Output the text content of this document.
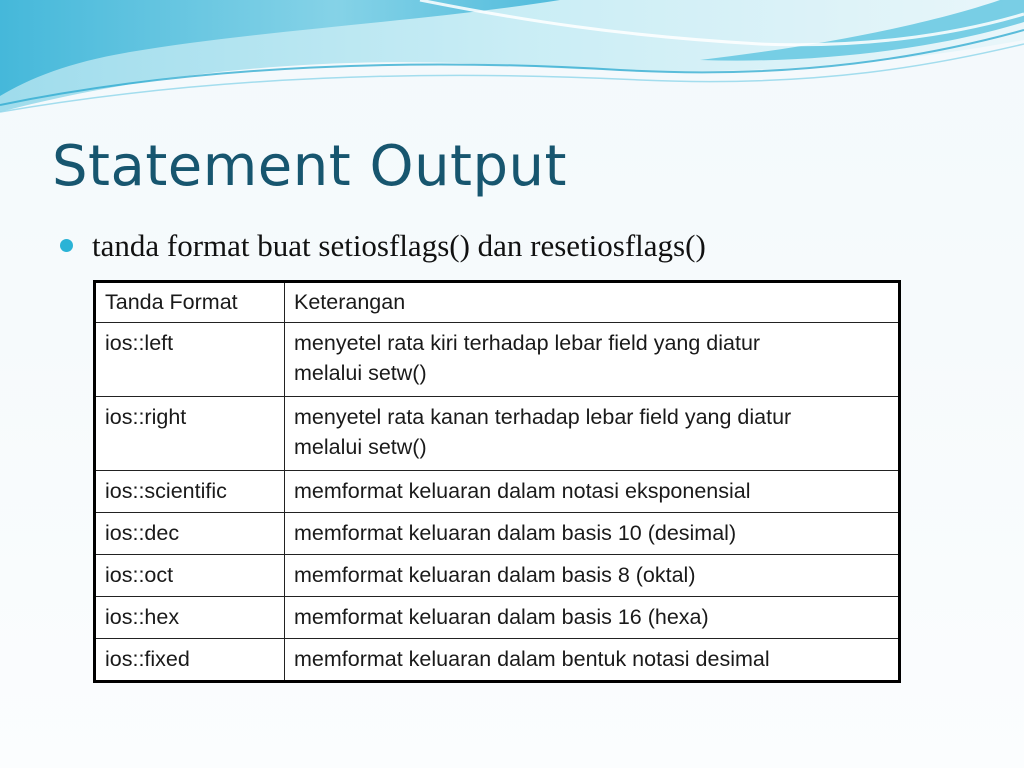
Statement Output
tanda format buat setiosflags() dan resetiosflags()
Tanda Format	Keterangan
ios::left	menyetel rata kiri terhadap lebar field yang diatur
melalui setw()

ios::right	menyetel rata kanan terhadap lebar field yang diatur
melalui setw()

ios::scientific	memformat keluaran dalam notasi eksponensial
ios::dec	memformat keluaran dalam basis 10 (desimal)
ios::oct	memformat keluaran dalam basis 8 (oktal)
ios::hex	memformat keluaran dalam basis 16 (hexa)
ios::fixed	memformat keluaran dalam bentuk notasi desimal
